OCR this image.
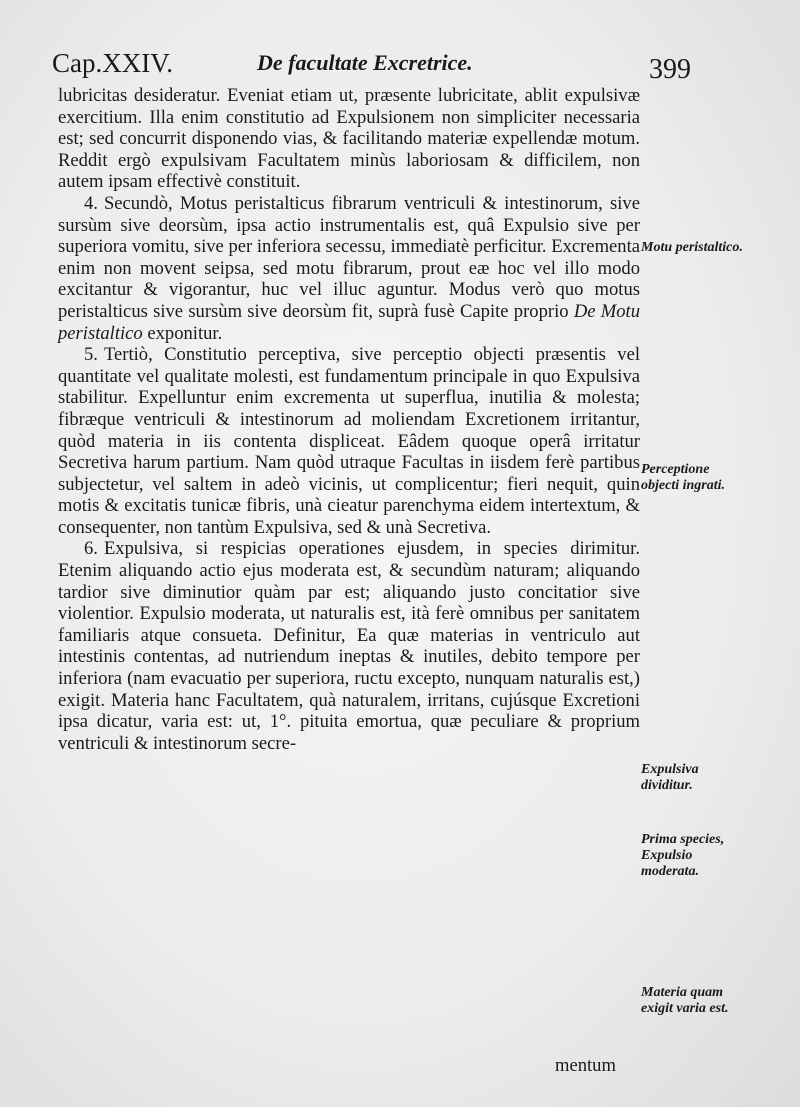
Cap.XXIV.	De facultate Excretrice.	399

lubricitas desideratur. Eveniat etiam ut, præsente lubricitate, ablit expulsivæ exercitium. Illa enim constitutio ad Expulsionem non simpliciter necessaria est; sed concurrit disponendo vias, & facilitando materiæ expellendæ motum. Reddit ergò expulsivam Facultatem minùs laboriosam & difficilem, non autem ipsam effectivè constituit.

4. Secundò, Motus peristalticus fibrarum ventriculi & intestinorum, sive sursùm sive deorsùm, ipsa actio instrumentalis est, quâ Expulsio sive per superiora vomitu, sive per inferiora secessu, immediatè perficitur. Excrementa enim non movent seipsa, sed motu fibrarum, prout eæ hoc vel illo modo excitantur & vigorantur, huc vel illuc aguntur. Modus verò quo motus peristalticus sive sursùm sive deorsùm fit, suprà fusè Capite proprio De Motu peristaltico exponitur.

5. Tertiò, Constitutio perceptiva, sive perceptio objecti præsentis vel quantitate vel qualitate molesti, est fundamentum principale in quo Expulsiva stabilitur. Expelluntur enim excrementa ut superflua, inutilia & molesta; fibræque ventriculi & intestinorum ad moliendam Excretionem irritantur, quòd materia in iis contenta displiceat. Eâdem quoque operâ irritatur Secretiva harum partium. Nam quòd utraque Facultas in iisdem ferè partibus subjectetur, vel saltem in adeò vicinis, ut complicentur; fieri nequit, quin motis & excitatis tunicæ fibris, unà cieatur parenchyma eidem intertextum, & consequenter, non tantùm Expulsiva, sed & unà Secretiva.

6. Expulsiva, si respicias operationes ejusdem, in species dirimitur. Etenim aliquando actio ejus moderata est, & secundùm naturam; aliquando tardior sive diminutior quàm par est; aliquando justo concitatior sive violentior. Expulsio moderata, ut naturalis est, ità ferè omnibus per sanitatem familiaris atque consueta. Definitur, Ea quæ materias in ventriculo aut intestinis contentas, ad nutriendum ineptas & inutiles, debito tempore per inferiora (nam evacuatio per superiora, ructu excepto, nunquam naturalis est,) exigit. Materia hanc Facultatem, quà naturalem, irritans, cujúsque Excretioni ipsa dicatur, varia est: ut, 1°. pituita emortua, quæ peculiare & proprium ventriculi & intestinorum secre-

Motu peristaltico.
Perceptione objecti ingrati.
Expulsiva dividitur.
Prima species, Expulsio moderata.
Materia quam exigit varia est.
mentum
